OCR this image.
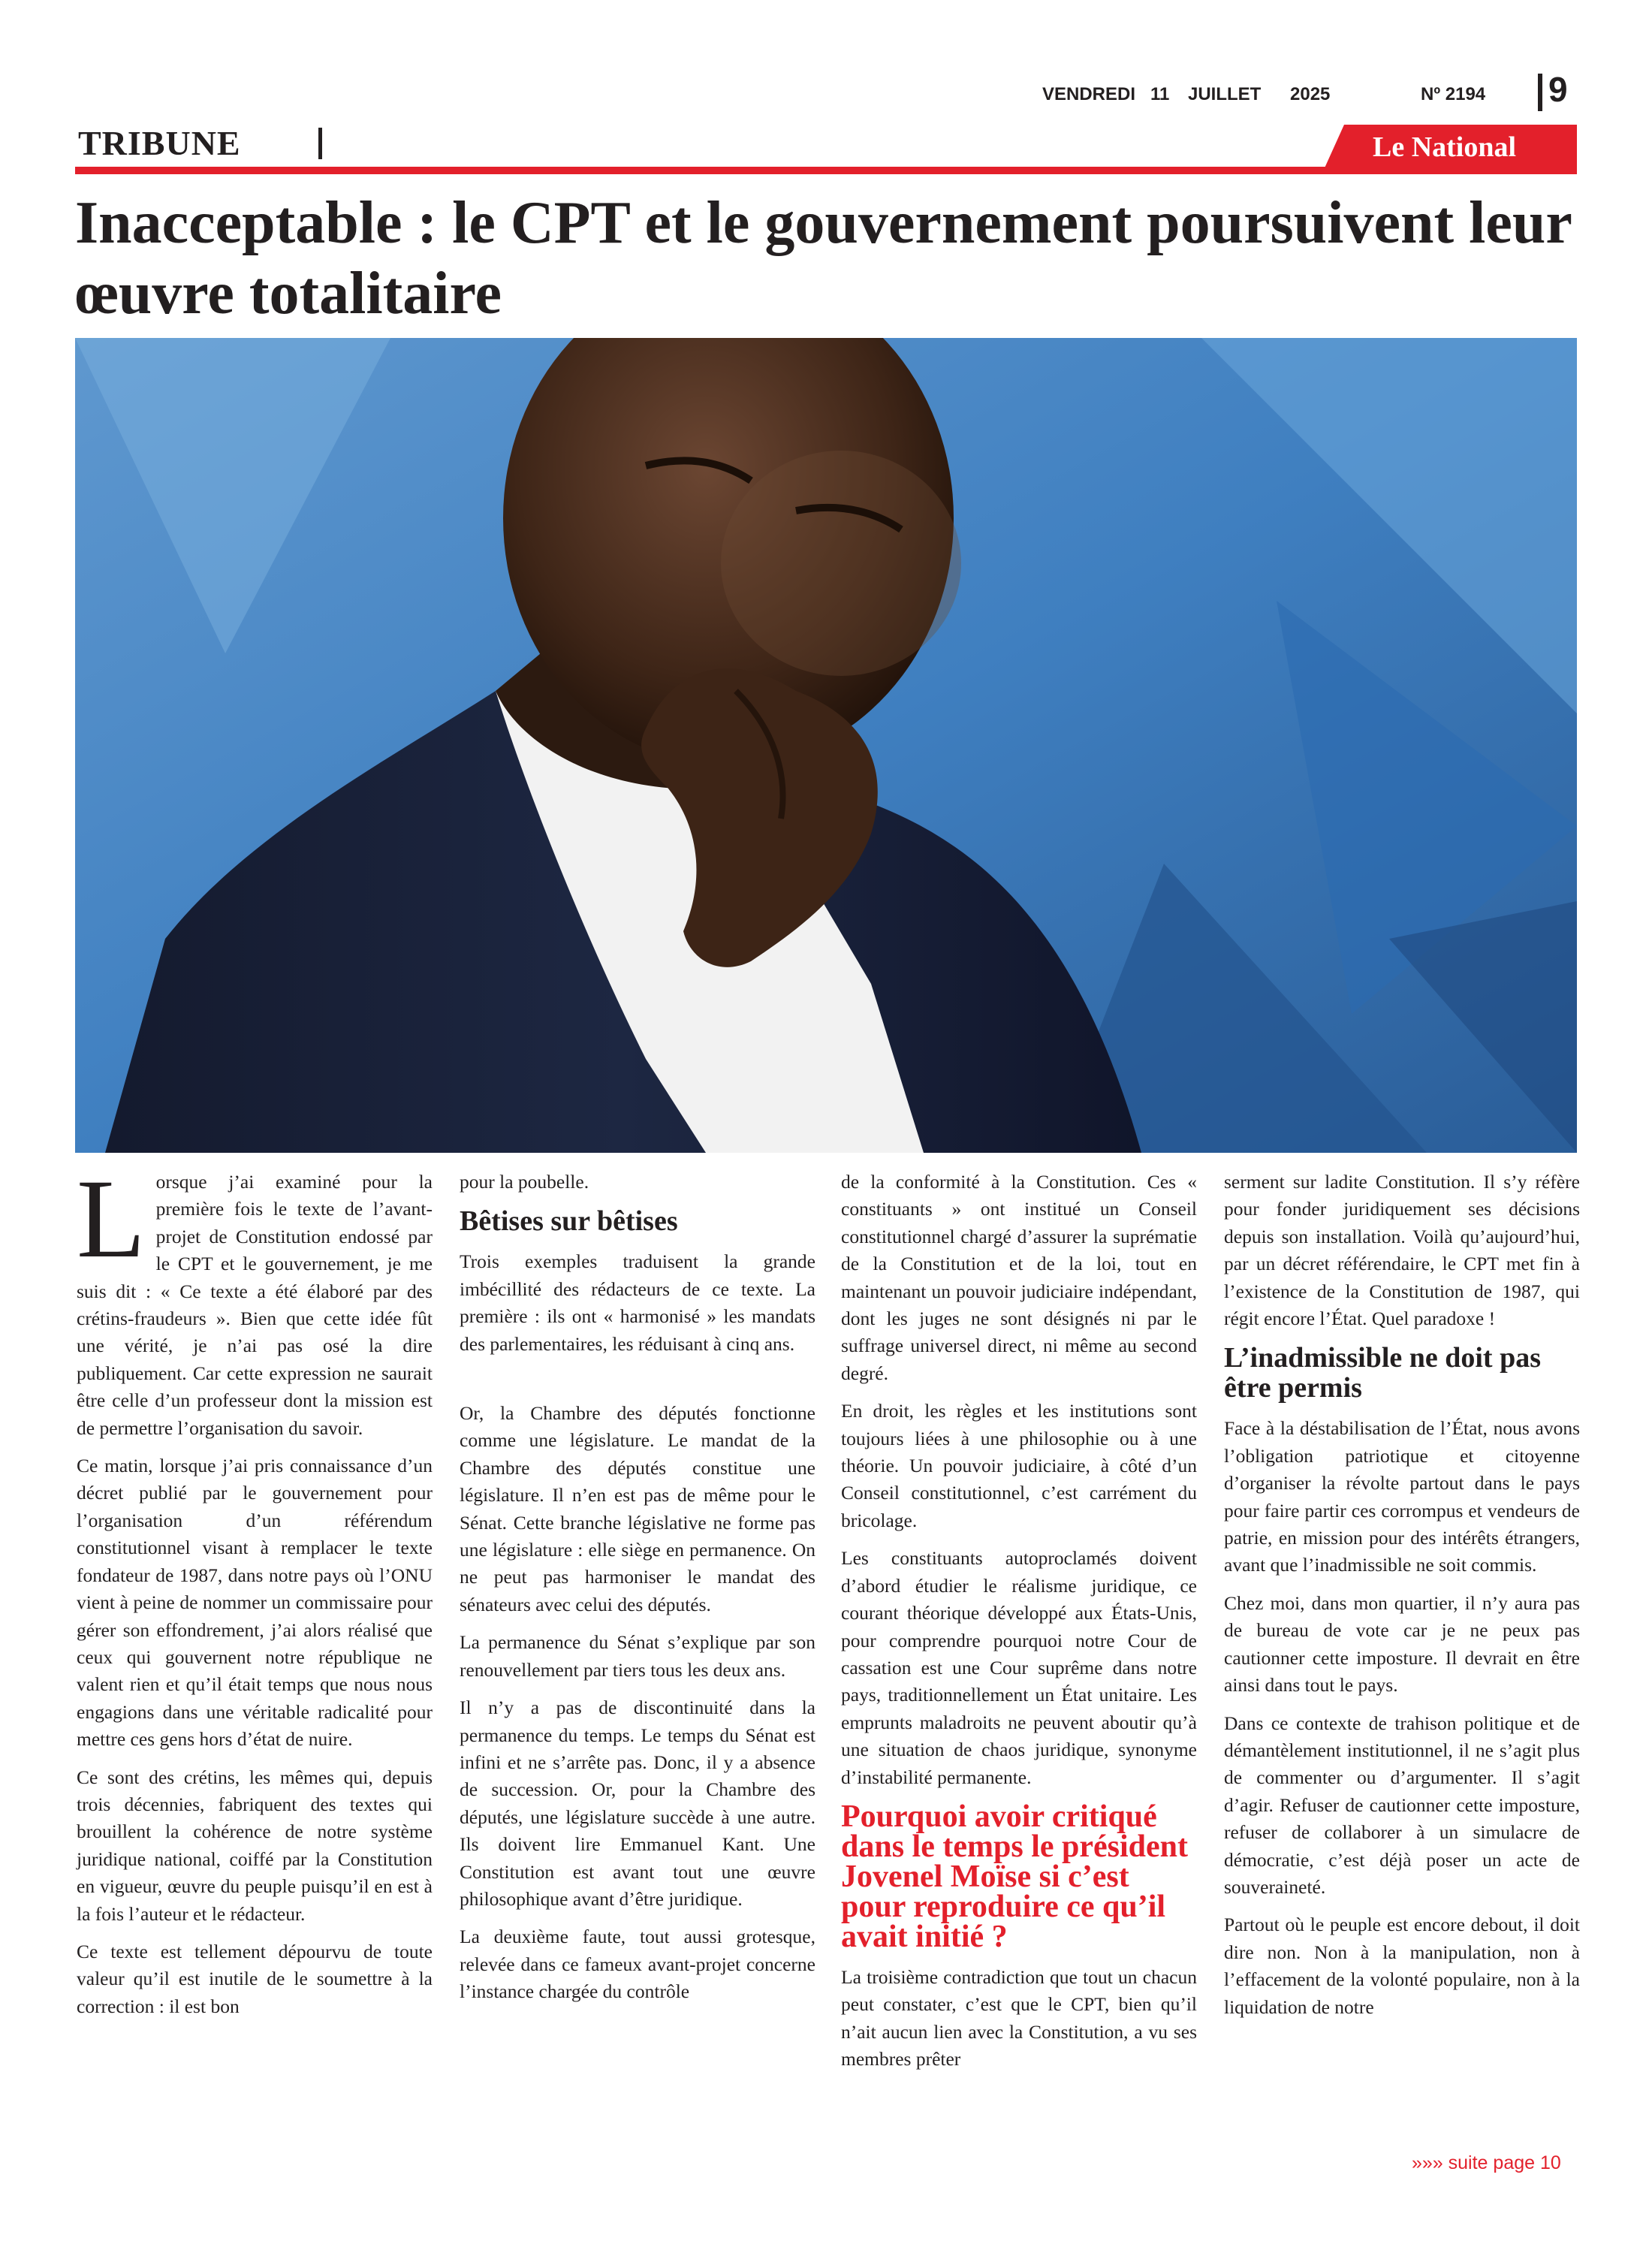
VENDREDI 11 JUILLET 2025	Nº 2194 9
TRIBUNE	Le National
Inacceptable : le CPT et le gouvernement poursuivent leur œuvre totalitaire

Lorsque j’ai examiné pour la première fois le texte de l’avant-projet de Constitution endossé par le CPT et le gouvernement, je me suis dit : « Ce texte a été élaboré par des crétins-fraudeurs ». Bien que cette idée fût une vérité, je n’ai pas osé la dire publiquement. Car cette expression ne saurait être celle d’un professeur dont la mission est de permettre l’organisation du savoir.

Ce matin, lorsque j’ai pris connaissance d’un décret publié par le gouvernement pour l’organisation d’un référendum constitutionnel visant à remplacer le texte fondateur de 1987, dans notre pays où l’ONU vient à peine de nommer un commissaire pour gérer son effondrement, j’ai alors réalisé que ceux qui gouvernent notre république ne valent rien et qu’il était temps que nous nous engagions dans une véritable radicalité pour mettre ces gens hors d’état de nuire.

Ce sont des crétins, les mêmes qui, depuis trois décennies, fabriquent des textes qui brouillent la cohérence de notre système juridique national, coiffé par la Constitution en vigueur, œuvre du peuple puisqu’il en est à la fois l’auteur et le rédacteur.

Ce texte est tellement dépourvu de toute valeur qu’il est inutile de le soumettre à la correction : il est bon

pour la poubelle.

Bêtises sur bêtises

Trois exemples traduisent la grande imbécillité des rédacteurs de ce texte. La première : ils ont « harmonisé » les mandats des parlementaires, les réduisant à cinq ans.

Or, la Chambre des députés fonctionne comme une législature. Le mandat de la Chambre des députés constitue une législature. Il n’en est pas de même pour le Sénat. Cette branche législative ne forme pas une législature : elle siège en permanence. On ne peut pas harmoniser le mandat des sénateurs avec celui des députés.

La permanence du Sénat s’explique par son renouvellement par tiers tous les deux ans.

Il n’y a pas de discontinuité dans la permanence du temps. Le temps du Sénat est infini et ne s’arrête pas. Donc, il y a absence de succession. Or, pour la Chambre des députés, une législature succède à une autre. Ils doivent lire Emmanuel Kant. Une Constitution est avant tout une œuvre philosophique avant d’être juridique.

La deuxième faute, tout aussi grotesque, relevée dans ce fameux avant-projet concerne l’instance chargée du contrôle

de la conformité à la Constitution. Ces « constituants » ont institué un Conseil constitutionnel chargé d’assurer la suprématie de la Constitution et de la loi, tout en maintenant un pouvoir judiciaire indépendant, dont les juges ne sont désignés ni par le suffrage universel direct, ni même au second degré.

En droit, les règles et les institutions sont toujours liées à une philosophie ou à une théorie. Un pouvoir judiciaire, à côté d’un Conseil constitutionnel, c’est carrément du bricolage.

Les constituants autoproclamés doivent d’abord étudier le réalisme juridique, ce courant théorique développé aux États-Unis, pour comprendre pourquoi notre Cour de cassation est une Cour suprême dans notre pays, traditionnellement un État unitaire. Les emprunts maladroits ne peuvent aboutir qu’à une situation de chaos juridique, synonyme d’instabilité permanente.

Pourquoi avoir critiqué dans le temps le président Jovenel Moïse si c’est pour reproduire ce qu’il avait initié ?

La troisième contradiction que tout un chacun peut constater, c’est que le CPT, bien qu’il n’ait aucun lien avec la Constitution, a vu ses membres prêter

serment sur ladite Constitution. Il s’y réfère pour fonder juridiquement ses décisions depuis son installation. Voilà qu’aujourd’hui, par un décret référendaire, le CPT met fin à l’existence de la Constitution de 1987, qui régit encore l’État. Quel paradoxe !

L’inadmissible ne doit pas être permis

Face à la déstabilisation de l’État, nous avons l’obligation patriotique et citoyenne d’organiser la révolte partout dans le pays pour faire partir ces corrompus et vendeurs de patrie, en mission pour des intérêts étrangers, avant que l’inadmissible ne soit commis.

Chez moi, dans mon quartier, il n’y aura pas de bureau de vote car je ne peux pas cautionner cette imposture. Il devrait en être ainsi dans tout le pays.

Dans ce contexte de trahison politique et de démantèlement institutionnel, il ne s’agit plus de commenter ou d’argumenter. Il s’agit d’agir. Refuser de cautionner cette imposture, refuser de collaborer à un simulacre de démocratie, c’est déjà poser un acte de souveraineté.

Partout où le peuple est encore debout, il doit dire non. Non à la manipulation, non à l’effacement de la volonté populaire, non à la liquidation de notre

»»» suite page 10
